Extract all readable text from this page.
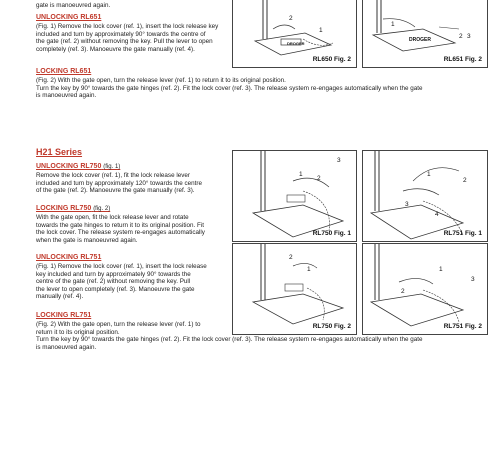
gate is manoeuvred again.

UNLOCKING RL651

(Fig. 1) Remove the lock cover (ref. 1), insert the lock release key

included and turn by approximately 90° towards the centre of

the gate (ref. 2) without removing the key. Pull the lever to open

completely (ref. 3). Manoeuvre the gate manually (ref. 4).

LOCKING RL651

(Fig. 2) With the gate open, turn the release lever (ref. 1) to return it to its original position.

Turn the key by 90° towards the gate hinges (ref. 2). Fit the lock cover (ref. 3). The release system re-engages automatically when the gate

is manoeuvred again.

2
1
DROGER
RL650 Fig. 2
1
2 3
DROGER
RL651 Fig. 2
H21 Series
UNLOCKING RL750 (fig. 1)

Remove the lock cover (ref. 1), fit the lock release lever

included and turn by approximately 120° towards the centre

of the gate (ref. 2). Manoeuvre the gate manually (ref. 3).

LOCKING RL750 (fig. 2)

With the gate open, fit the lock release lever and rotate

towards the gate hinges to return it to its original position. Fit

the lock cover. The release system re-engages automatically

when the gate is manoeuvred again.

UNLOCKING RL751

(Fig. 1) Remove the lock cover (ref. 1), insert the lock release

key included and turn by approximately 90° towards the

centre of the gate (ref. 2) without removing the key. Pull

the lever to open completely (ref. 3). Manoeuvre the gate

manually (ref. 4).

LOCKING RL751

(Fig. 2) With the gate open, turn the release lever (ref. 1) to

return it to its original position.

Turn the key by 90° towards the gate hinges (ref. 2). Fit the lock cover (ref. 3). The release system re-engages automatically when the gate

is manoeuvred again.

3
1
2
RL750 Fig. 1
1
2
3
4
RL751 Fig. 1
2
1
RL750 Fig. 2
1
2
3
RL751 Fig. 2
